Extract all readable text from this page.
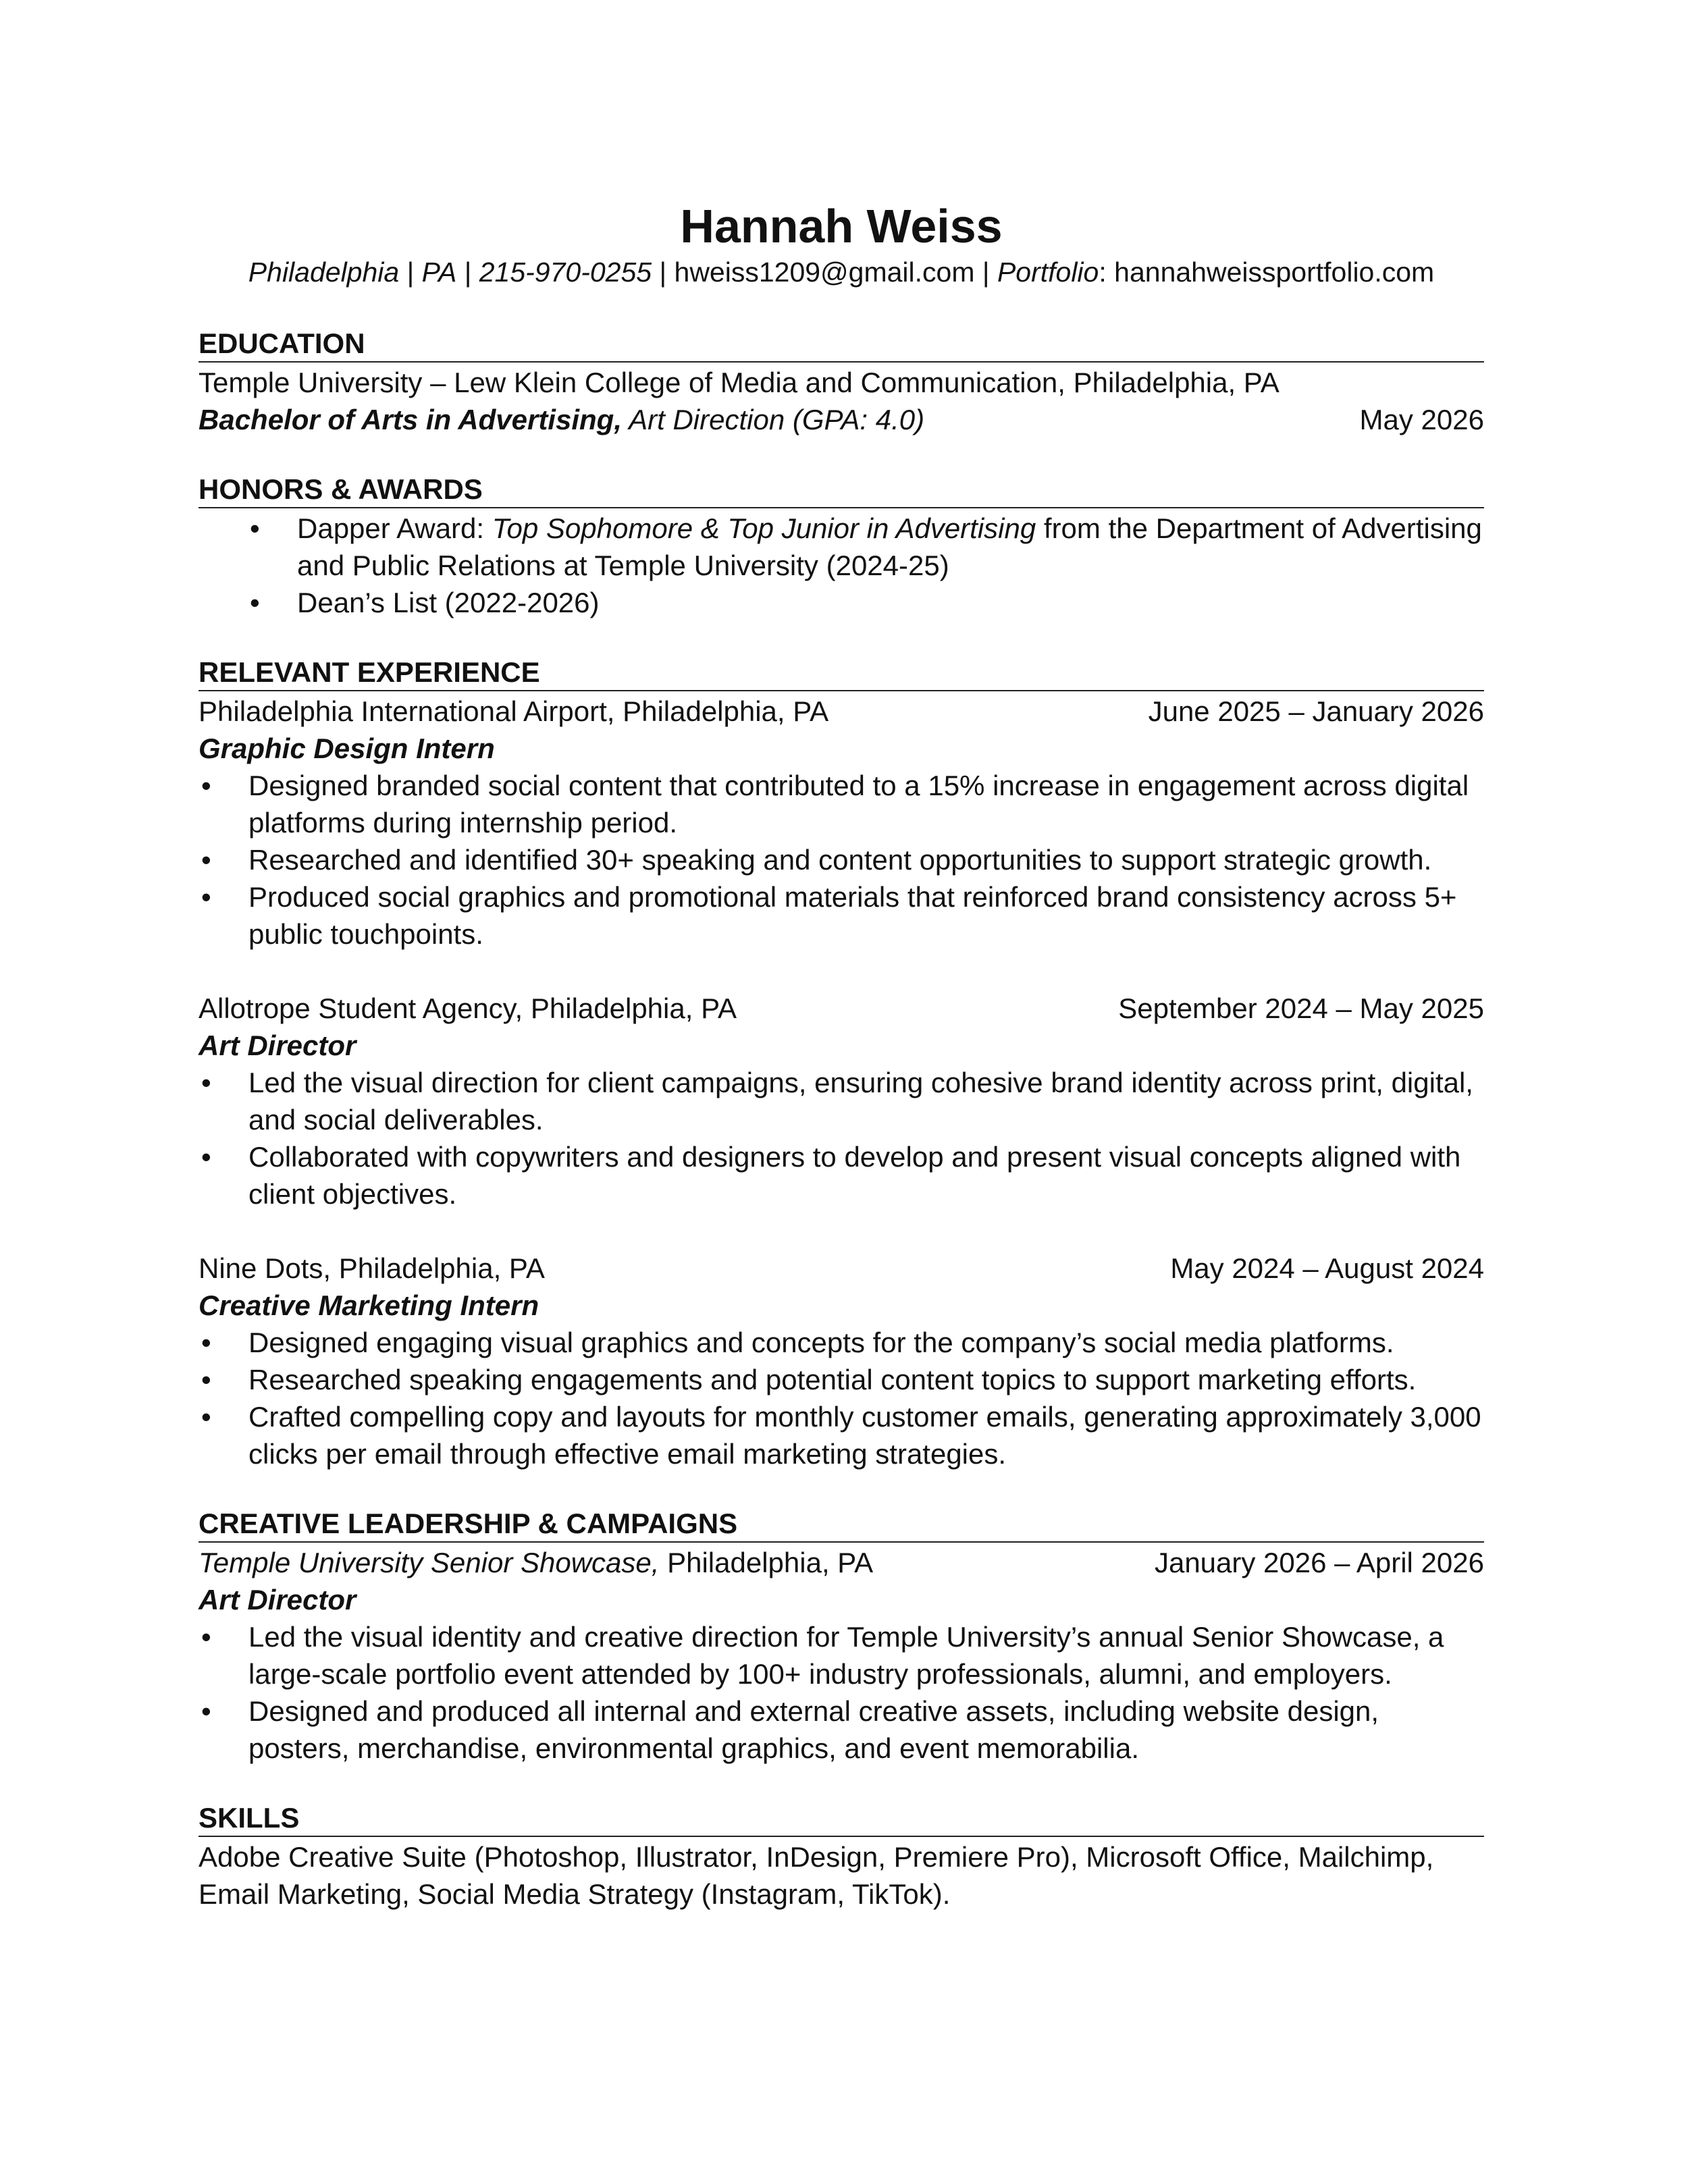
Hannah Weiss
Philadelphia | PA | 215-970-0255 | hweiss1209@gmail.com | Portfolio: hannahweissportfolio.com
EDUCATION
Temple University – Lew Klein College of Media and Communication, Philadelphia, PA
Bachelor of Arts in Advertising, Art Direction (GPA: 4.0)	May 2026
HONORS & AWARDS
• Dapper Award: Top Sophomore & Top Junior in Advertising from the Department of Advertising and Public Relations at Temple University (2024-25)
• Dean’s List (2022-2026)
RELEVANT EXPERIENCE
Philadelphia International Airport, Philadelphia, PA	June 2025 – January 2026
Graphic Design Intern
• Designed branded social content that contributed to a 15% increase in engagement across digital platforms during internship period.
• Researched and identified 30+ speaking and content opportunities to support strategic growth.
• Produced social graphics and promotional materials that reinforced brand consistency across 5+ public touchpoints.
Allotrope Student Agency, Philadelphia, PA	September 2024 – May 2025
Art Director
• Led the visual direction for client campaigns, ensuring cohesive brand identity across print, digital, and social deliverables.
• Collaborated with copywriters and designers to develop and present visual concepts aligned with client objectives.
Nine Dots, Philadelphia, PA	May 2024 – August 2024
Creative Marketing Intern
• Designed engaging visual graphics and concepts for the company’s social media platforms.
• Researched speaking engagements and potential content topics to support marketing efforts.
• Crafted compelling copy and layouts for monthly customer emails, generating approximately 3,000 clicks per email through effective email marketing strategies.
CREATIVE LEADERSHIP & CAMPAIGNS
Temple University Senior Showcase, Philadelphia, PA	January 2026 – April 2026
Art Director
• Led the visual identity and creative direction for Temple University’s annual Senior Showcase, a large-scale portfolio event attended by 100+ industry professionals, alumni, and employers.
• Designed and produced all internal and external creative assets, including website design, posters, merchandise, environmental graphics, and event memorabilia.
SKILLS
Adobe Creative Suite (Photoshop, Illustrator, InDesign, Premiere Pro), Microsoft Office, Mailchimp, Email Marketing, Social Media Strategy (Instagram, TikTok).
